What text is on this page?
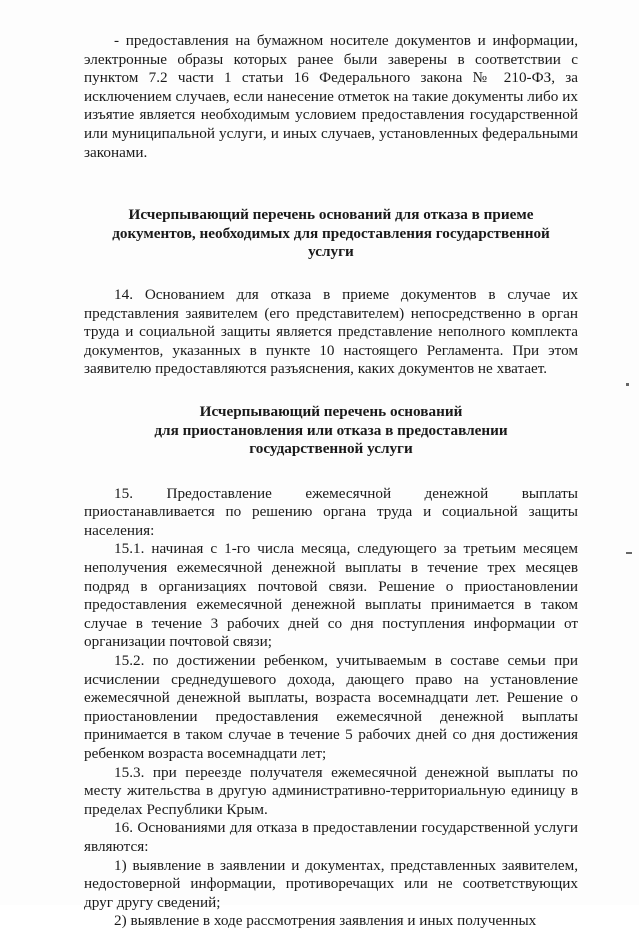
- предоставления на бумажном носителе документов и информации, электронные образы которых ранее были заверены в соответствии с пунктом 7.2 части 1 статьи 16 Федерального закона № 210-ФЗ, за исключением случаев, если нанесение отметок на такие документы либо их изъятие является необходимым условием предоставления государственной или муниципальной услуги, и иных случаев, установленных федеральными законами.

Исчерпывающий перечень оснований для отказа в приеме документов, необходимых для предоставления государственной услуги

14. Основанием для отказа в приеме документов в случае их представления заявителем (его представителем) непосредственно в орган труда и социальной защиты является представление неполного комплекта документов, указанных в пункте 10 настоящего Регламента. При этом заявителю предоставляются разъяснения, каких документов не хватает.

Исчерпывающий перечень оснований
для приостановления или отказа в предоставлении
государственной услуги

15. Предоставление ежемесячной денежной выплаты приостанавливается по решению органа труда и социальной защиты населения:

15.1. начиная с 1-го числа месяца, следующего за третьим месяцем неполучения ежемесячной денежной выплаты в течение трех месяцев подряд в организациях почтовой связи. Решение о приостановлении предоставления ежемесячной денежной выплаты принимается в таком случае в течение 3 рабочих дней со дня поступления информации от организации почтовой связи;

15.2. по достижении ребенком, учитываемым в составе семьи при исчислении среднедушевого дохода, дающего право на установление ежемесячной денежной выплаты, возраста восемнадцати лет. Решение о приостановлении предоставления ежемесячной денежной выплаты принимается в таком случае в течение 5 рабочих дней со дня достижения ребенком возраста восемнадцати лет;

15.3. при переезде получателя ежемесячной денежной выплаты по месту жительства в другую административно-территориальную единицу в пределах Республики Крым.

16. Основаниями для отказа в предоставлении государственной услуги являются:

1) выявление в заявлении и документах, представленных заявителем, недостоверной информации, противоречащих или не соответствующих друг другу сведений;

2) выявление в ходе рассмотрения заявления и иных полученных
